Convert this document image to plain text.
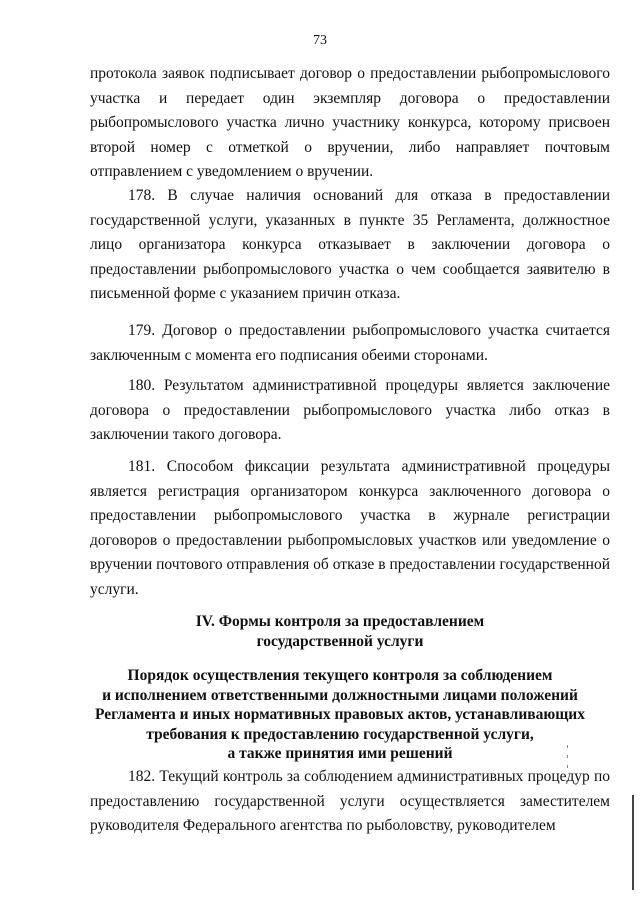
73
протокола заявок подписывает договор о предоставлении рыбопромыслового участка и передает один экземпляр договора о предоставлении рыбопромыслового участка лично участнику конкурса, которому присвоен второй номер с отметкой о вручении, либо направляет почтовым отправлением с уведомлением о вручении.
178. В случае наличия оснований для отказа в предоставлении государственной услуги, указанных в пункте 35 Регламента, должностное лицо организатора конкурса отказывает в заключении договора о предоставлении рыбопромыслового участка о чем сообщается заявителю в письменной форме с указанием причин отказа.
179. Договор о предоставлении рыбопромыслового участка считается заключенным с момента его подписания обеими сторонами.
180. Результатом административной процедуры является заключение договора о предоставлении рыбопромыслового участка либо отказ в заключении такого договора.
181. Способом фиксации результата административной процедуры является регистрация организатором конкурса заключенного договора о предоставлении рыбопромыслового участка в журнале регистрации договоров о предоставлении рыбопромысловых участков или уведомление о вручении почтового отправления об отказе в предоставлении государственной услуги.
IV. Формы контроля за предоставлением
государственной услуги
Порядок осуществления текущего контроля за соблюдением
и исполнением ответственными должностными лицами положений
Регламента и иных нормативных правовых актов, устанавливающих
требования к предоставлению государственной услуги,
а также принятия ими решений
182. Текущий контроль за соблюдением административных процедур по предоставлению государственной услуги осуществляется заместителем руководителя Федерального агентства по рыболовству, руководителем
